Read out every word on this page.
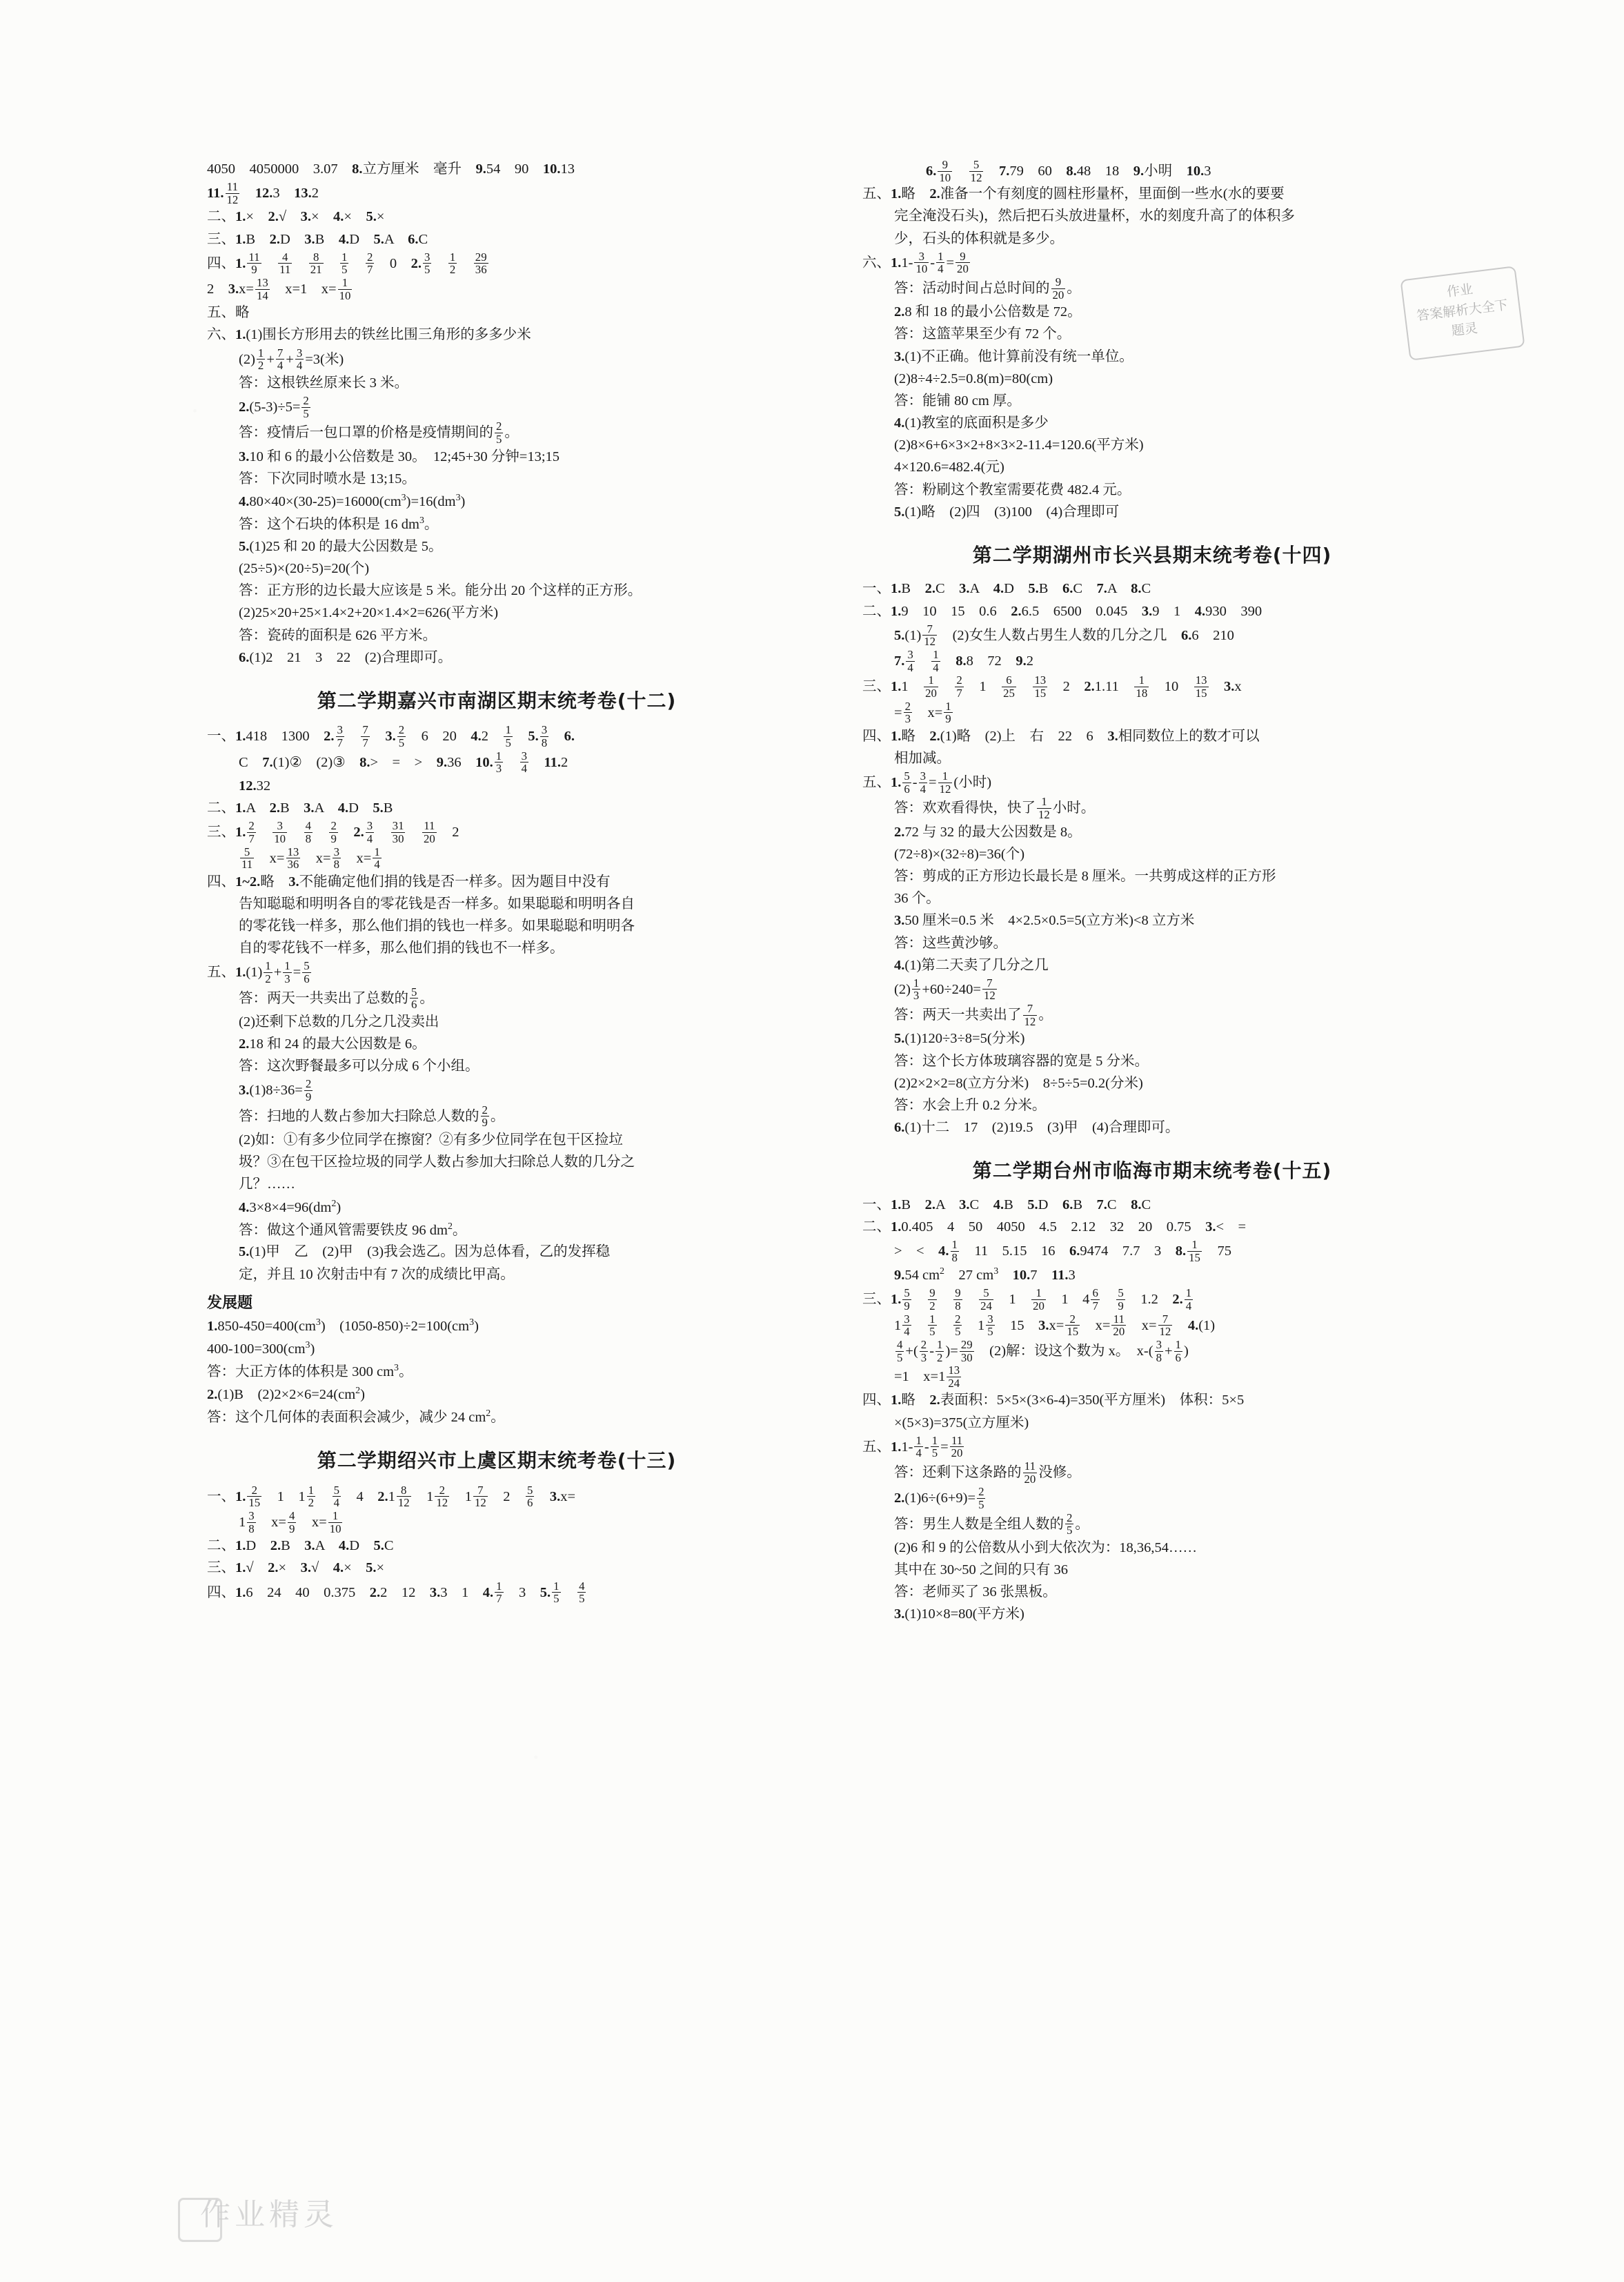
4050　4050000　3.07　8.立方厘米　毫升　9.54　90　10.13
11. $\frac{11}{12}$
　 12.3　13.2
二、1.×　2.√　3.×　4.×　5.×
三、1.B　2.D　3.B　4.D　5.A　6.C
四、1. $\frac{11}{9}$
　 $\frac{4}{11}$
　 $\frac{8}{21}$
　 $\frac{1}{5}$
　 $\frac{2}{7}$ 　0　2. $\frac{3}{5}$
　 $\frac{1}{2}$
　 $\frac{29}{36}$
2　$3.x= \frac{13}{14}$ 　x=1　$x= \frac{1}{10}$
五、略
六、1.(1)围长方形用去的铁丝比围三角形的多多少米
$(2) \frac{1}{2} + \frac{7}{4} + \frac{3}{4} =3$(米)
答：这根铁丝原来长 3 米。
$2.(5-3)\div 5= \frac{2}{5}$
答：疫情后一包口罩的价格是疫情期间的 $\frac{2}{5}$ 。
3.10 和 6 的最小公倍数是 30。　12;45+30 分钟=13;15
答：下次同时喷水是 13;15。
$4.80\times 40\times(30-25)=16000(cm^3)=16(dm^3)$
答：这个石块的体积是 16 $dm^3$。
5.(1)25 和 20 的最大公因数是 5。
(25÷5)×(20÷5)=20(个)
答：正方形的边长最大应该是 5 米。能分出 20 个这样的正方形。
(2)25×20+25×1.4×2+20×1.4×2=626(平方米)
答：瓷砖的面积是 626 平方米。
6.(1)2　21　3　22　(2)合理即可。
第二学期嘉兴市南湖区期末统考卷(十二)
一、1.418　1300　2. $\frac{3}{7}$
　 $\frac{7}{7}$
　 3. $\frac{2}{5}$ 　6　20　4.2　 $\frac{1}{5}$
　 5. $\frac{3}{8}$
　 6.
C　7.(1)②　(2)③　8.>　=　>　9.36　10. $\frac{1}{3}$
　 $\frac{3}{4}$
　 11.2
12.32
二、1.A　2.B　3.A　4.D　5.B
三、1. $\frac{2}{7}$
　 $\frac{3}{10}$
　 $\frac{4}{8}$
　 $\frac{2}{9}$
　 2. $\frac{3}{4}$
　 $\frac{31}{30}$
　 $\frac{11}{20}$ 　2
$\frac{5}{11}$ 　$x= \frac{13}{36}$ 　$x= \frac{3}{8}$ 　$x= \frac{1}{4}$
四、1~2.略　3.不能确定他们捐的钱是否一样多。因为题目中没有
告知聪聪和明明各自的零花钱是否一样多。如果聪聪和明明各自
的零花钱一样多，那么他们捐的钱也一样多。如果聪聪和明明各
自的零花钱不一样多，那么他们捐的钱也不一样多。
五、$1.(1) \frac{1}{2} + \frac{1}{3} = \frac{5}{6}$
答：两天一共卖出了总数的 $\frac{5}{6}$ 。
(2)还剩下总数的几分之几没卖出
2.18 和 24 的最大公因数是 6。
答：这次野餐最多可以分成 6 个小组。
$3.(1)8\div 36= \frac{2}{9}$
答：扫地的人数占参加大扫除总人数的 $\frac{2}{9}$ 。
(2)如：①有多少位同学在擦窗？②有多少位同学在包干区捡垃
圾？③在包干区捡垃圾的同学人数占参加大扫除总人数的几分之
几？……
$4.3\times 8\times 4=96(dm^2)$
答：做这个通风管需要铁皮 96 $dm^2$。
5.(1)甲　乙　(2)甲　(3)我会选乙。因为总体看，乙的发挥稳
定，并且 10 次射击中有 7 次的成绩比甲高。
发展题
$1.850-450=400(cm^3)$　$(1050-850)\div 2=100(cm^3)$
$400-100=300(cm^3)$
答：大正方体的体积是 300 $cm^3$。
2.(1)B　$(2)2\times 2\times 6=24(cm^2)$
答：这个几何体的表面积会减少，减少 24 $cm^2$。
第二学期绍兴市上虞区期末统考卷(十三)
一、1. $\frac{2}{15}$ 　1　$1 \frac{1}{2}$
　 $\frac{5}{4}$ 　4　$2.1 \frac{8}{12}$ 　$1 \frac{2}{12}$ 　$1 \frac{7}{12}$ 　2　 $\frac{5}{6}$
　 3.x=
$1 \frac{3}{8}$ 　$x= \frac{4}{9}$ 　$x= \frac{1}{10}$
二、1.D　2.B　3.A　4.D　5.C
三、1.√　2.×　3.√　4.×　5.×
四、1.6　24　40　0.375　2.2　12　3.3　1　4. $\frac{1}{7}$ 　3　5. $\frac{1}{5}$
　 $\frac{4}{5}$
6. $\frac{9}{10}$
　 $\frac{5}{12}$
　 7.79　60　8.48　18　9.小明　10.3
五、1.略　2.准备一个有刻度的圆柱形量杯，里面倒一些水(水的要要
完全淹没石头)，然后把石头放进量杯，水的刻度升高了的体积多
少，石头的体积就是多少。
六、$1.1- \frac{3}{10} - \frac{1}{4} = \frac{9}{20}$
答：活动时间占总时间的 $\frac{9}{20}$ 。
2.8 和 18 的最小公倍数是 72。
答：这篮苹果至少有 72 个。
3.(1)不正确。他计算前没有统一单位。
(2)8÷4÷2.5=0.8(m)=80(cm)
答：能铺 80 cm 厚。
4.(1)教室的底面积是多少
(2)8×6+6×3×2+8×3×2-11.4=120.6(平方米)
4×120.6=482.4(元)
答：粉刷这个教室需要花费 482.4 元。
5.(1)略　(2)四　(3)100　(4)合理即可
第二学期湖州市长兴县期末统考卷(十四)
一、1.B　2.C　3.A　4.D　5.B　6.C　7.A　8.C
二、1.9　10　15　0.6　2.6.5　6500　0.045　3.9　1　4.930　390
$5.(1) \frac{7}{12}$ 　(2)女生人数占男生人数的几分之几　6.6　210
7. $\frac{3}{4}$
　 $\frac{1}{4}$
　 8.8　72　9.2
三、1.1　 $\frac{1}{20}$
　 $\frac{2}{7}$ 　1　 $\frac{6}{25}$
　 $\frac{13}{15}$ 　2　2.1.11　 $\frac{1}{18}$ 　10　 $\frac{13}{15}$
　 3.x
= $\frac{2}{3}$ 　$x= \frac{1}{9}$
四、1.略　2.(1)略　(2)上　右　22　6　3.相同数位上的数才可以
相加减。
五、1. $\frac{5}{6} - \frac{3}{4} = \frac{1}{12}$ (小时)
答：欢欢看得快，快了 $\frac{1}{12}$ 小时。
2.72 与 32 的最大公因数是 8。
(72÷8)×(32÷8)=36(个)
答：剪成的正方形边长最长是 8 厘米。一共剪成这样的正方形
36 个。
3.50 厘米=0.5 米　4×2.5×0.5=5(立方米)<8 立方米
答：这些黄沙够。
4.(1)第二天卖了几分之几
$(2) \frac{1}{3} +60\div 240= \frac{7}{12}$
答：两天一共卖出了 $\frac{7}{12}$ 。
5.(1)120÷3÷8=5(分米)
答：这个长方体玻璃容器的宽是 5 分米。
(2)2×2×2=8(立方分米)　8÷5÷5=0.2(分米)
答：水会上升 0.2 分米。
6.(1)十二　17　(2)19.5　(3)甲　(4)合理即可。
第二学期台州市临海市期末统考卷(十五)
一、1.B　2.A　3.C　4.B　5.D　6.B　7.C　8.C
二、1.0.405　4　50　4050　4.5　2.12　32　20　0.75　3.<　=
>　<　4. $\frac{1}{8}$ 　11　5.15　16　6.9474　7.7　3　8. $\frac{1}{15}$ 　75
9.54 $cm^2$　27 $cm^3$　 10.7　11.3
三、1. $\frac{5}{9}$
　 $\frac{9}{2}$
　 $\frac{9}{8}$
　 $\frac{5}{24}$ 　1　 $\frac{1}{20}$ 　1　$4 \frac{6}{7}$
　 $\frac{5}{9}$ 　1.2　2. $\frac{1}{4}$
$1 \frac{3}{4}$
　 $\frac{1}{5}$
　 $\frac{2}{5}$ 　$1 \frac{3}{5}$ 　15　$3.x= \frac{2}{15}$ 　$x= \frac{11}{20}$ 　$x= \frac{7}{12}$
　 4.(1)
$\frac{4}{5}$ +( $\frac{2}{3} - \frac{1}{2}$ )= $\frac{29}{30}$ 　(2)解：设这个数为 x。　$x-( \frac{3}{8} + \frac{1}{6}$ )
=1　$x=1 \frac{13}{24}$
四、1.略　2.表面积：5×5×(3×6-4)=350(平方厘米)　体积：5×5
×(5×3)=375(立方厘米)
五、$1.1- \frac{1}{4} - \frac{1}{5} = \frac{11}{20}$
答：还剩下这条路的 $\frac{11}{20}$ 没修。
$2.(1)6\div(6+9)= \frac{2}{5}$
答：男生人数是全组人数的 $\frac{2}{5}$ 。
(2)6 和 9 的公倍数从小到大依次为：18,36,54……
其中在 30~50 之间的只有 36
答：老师买了 36 张黑板。
3.(1)10×8=80(平方米)
作业
答案解析大全下
题灵
作业精灵
